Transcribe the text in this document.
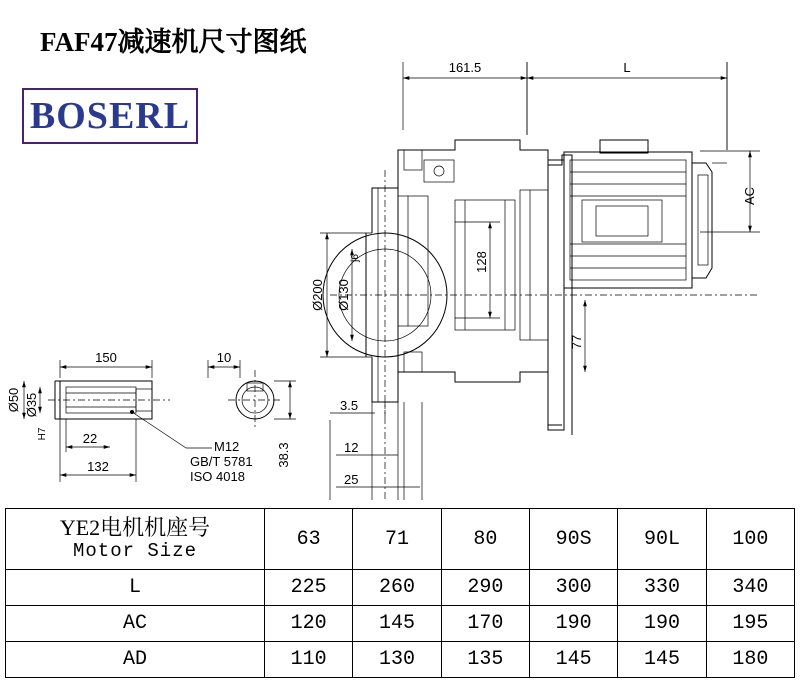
FAF47减速机尺寸图纸
BOSERL
161.5	L
AC
Ø200 Ø130
j6	128
77
3.5
12
25
150
Ø50 Ø35
H7	22
132
10
38.3
M12
GB/T 5781
ISO 4018
YE2电机机座号
Motor Size	63	71	80	90S	90L	100
L	225	260	290	300	330	340
AC	120	145	170	190	190	195
AD	110	130	135	145	145	180
